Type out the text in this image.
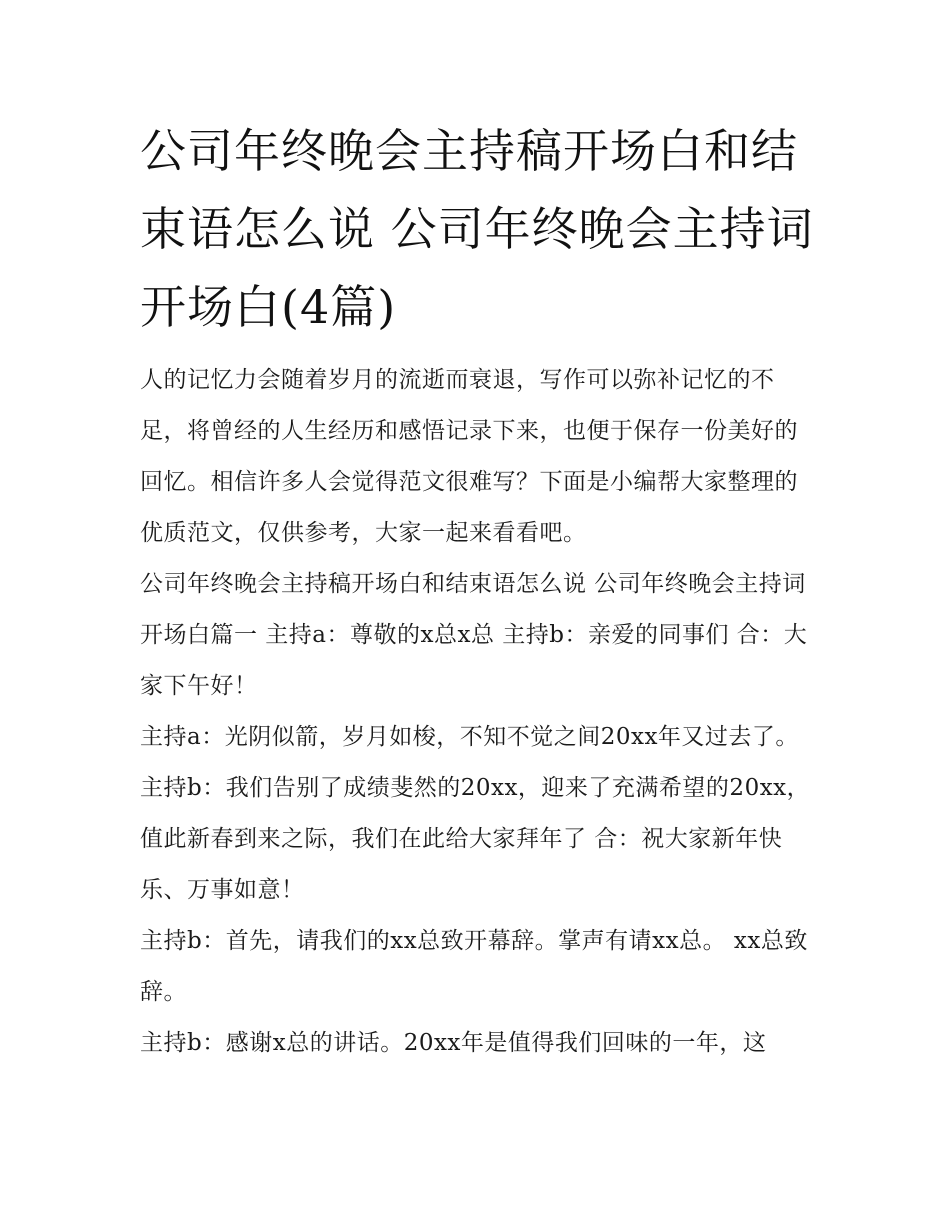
公司年终晚会主持稿开场白和结束语怎么说 公司年终晚会主持词开场白(4篇)

人的记忆力会随着岁月的流逝而衰退，写作可以弥补记忆的不足，将曾经的人生经历和感悟记录下来，也便于保存一份美好的回忆。相信许多人会觉得范文很难写？下面是小编帮大家整理的优质范文，仅供参考，大家一起来看看吧。

公司年终晚会主持稿开场白和结束语怎么说 公司年终晚会主持词开场白篇一 主持a：尊敬的x总x总 主持b：亲爱的同事们 合：大家下午好！

主持a：光阴似箭，岁月如梭，不知不觉之间20xx年又过去了。

主持b：我们告别了成绩斐然的20xx，迎来了充满希望的20xx，值此新春到来之际，我们在此给大家拜年了 合：祝大家新年快乐、万事如意！

主持b：首先，请我们的xx总致开幕辞。掌声有请xx总。 xx总致辞。

主持b：感谢x总的讲话。20xx年是值得我们回味的一年，这
